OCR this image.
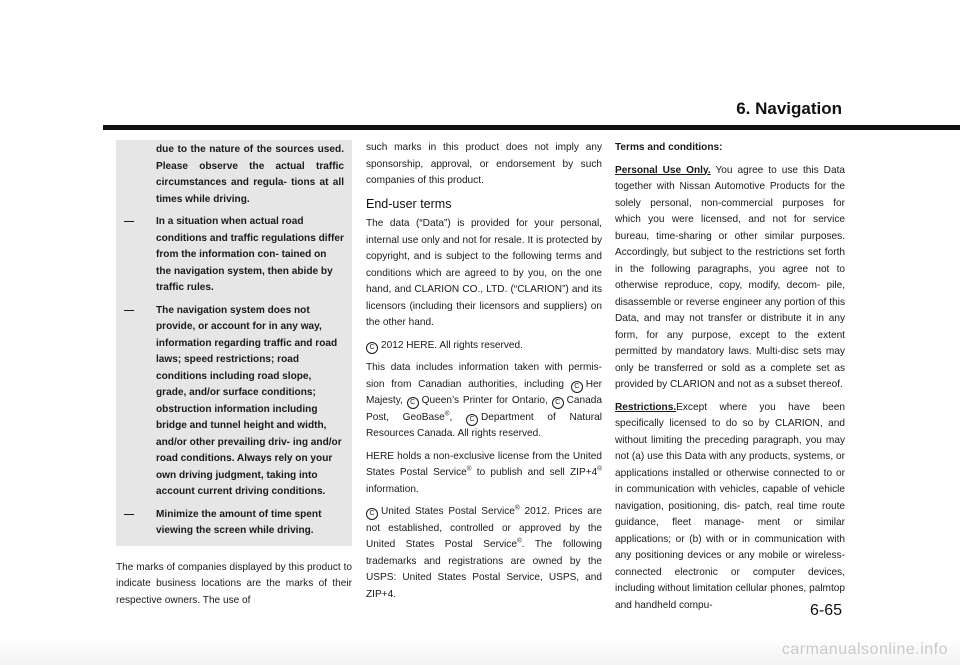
6. Navigation

due to the nature of the sources used. Please observe the actual traffic circumstances and regula- tions at all times while driving.

—	In a situation when actual road conditions and traffic regulations differ from the information con- tained on the navigation system, then abide by traffic rules.
—	The navigation system does not provide, or account for in any way, information regarding traffic and road laws; speed restrictions; road conditions including road slope, grade, and/or surface conditions; obstruction information including bridge and tunnel height and width, and/or other prevailing driv- ing and/or road conditions. Always rely on your own driving judgment, taking into account current driving conditions.
—	Minimize the amount of time spent viewing the screen while driving.

The marks of companies displayed by this product to indicate business locations are the marks of their respective owners. The use of

such marks in this product does not imply any sponsorship, approval, or endorsement by such companies of this product.

End-user terms

The data (“Data”) is provided for your personal, internal use only and not for resale. It is protected by copyright, and is subject to the following terms and conditions which are agreed to by you, on the one hand, and CLARION CO., LTD. (“CLARION”) and its licensors (including their licensors and suppliers) on the other hand.

C 2012 HERE. All rights reserved.

This data includes information taken with permis- sion from Canadian authorities, including C Her Majesty, C Queen’s Printer for Ontario, C Canada Post, GeoBase®, C Department of Natural Resources Canada. All rights reserved.

HERE holds a non-exclusive license from the United States Postal Service® to publish and sell ZIP+4® information.

C United States Postal Service® 2012. Prices are not established, controlled or approved by the United States Postal Service®. The following trademarks and registrations are owned by the USPS: United States Postal Service, USPS, and ZIP+4.

Terms and conditions:

Personal Use Only. You agree to use this Data together with Nissan Automotive Products for the solely personal, non-commercial purposes for which you were licensed, and not for service bureau, time-sharing or other similar purposes. Accordingly, but subject to the restrictions set forth in the following paragraphs, you agree not to otherwise reproduce, copy, modify, decom- pile, disassemble or reverse engineer any portion of this Data, and may not transfer or distribute it in any form, for any purpose, except to the extent permitted by mandatory laws. Multi-disc sets may only be transferred or sold as a complete set as provided by CLARION and not as a subset thereof.

Restrictions.Except where you have been specifically licensed to do so by CLARION, and without limiting the preceding paragraph, you may not (a) use this Data with any products, systems, or applications installed or otherwise connected to or in communication with vehicles, capable of vehicle navigation, positioning, dis- patch, real time route guidance, fleet manage- ment or similar applications; or (b) with or in communication with any positioning devices or any mobile or wireless-connected electronic or computer devices, including without limitation cellular phones, palmtop and handheld compu-	6-65
carmanualsonline.info
